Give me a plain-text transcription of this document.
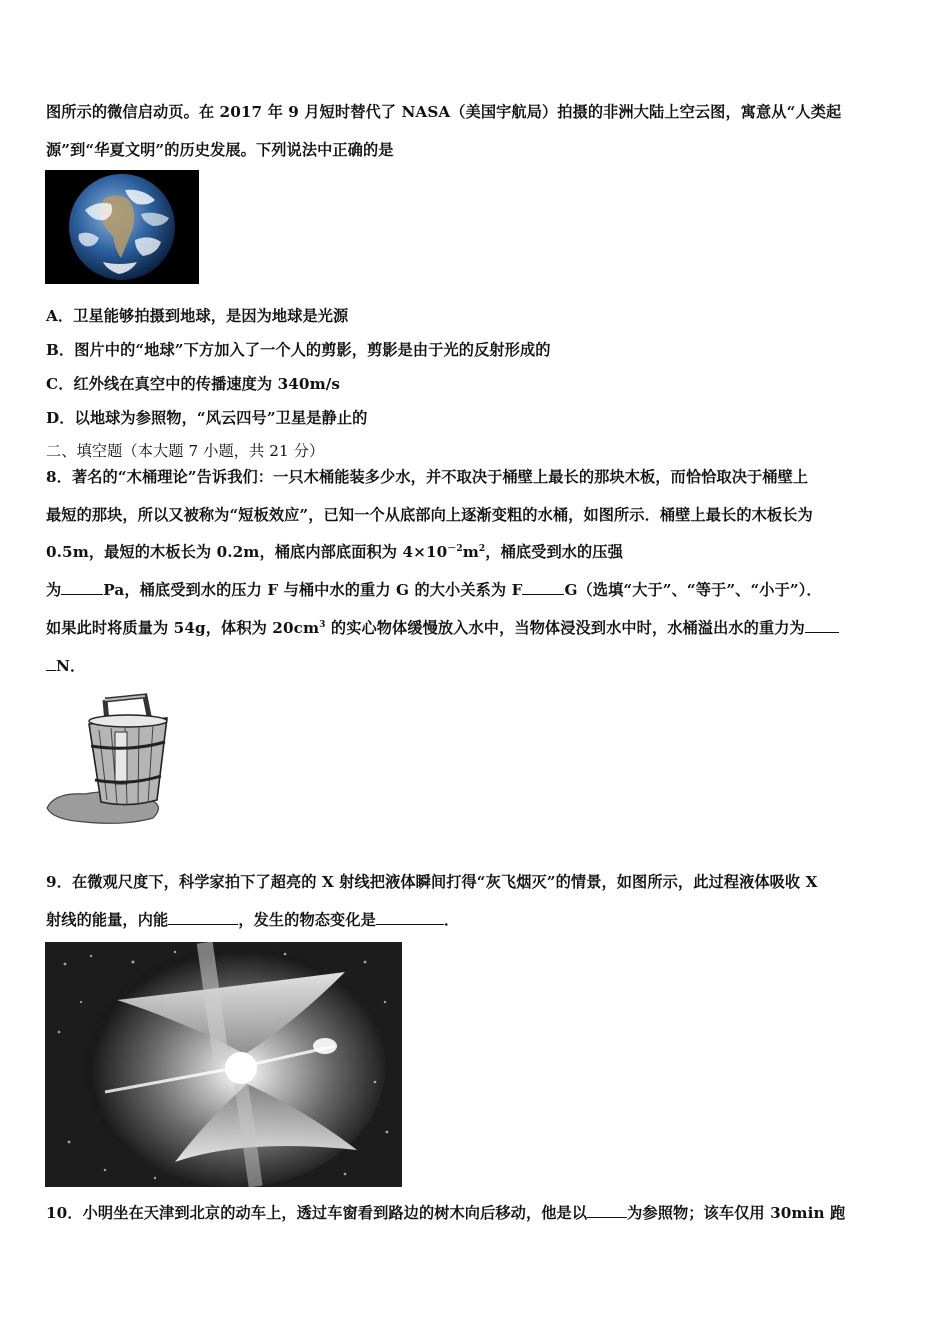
图所示的微信启动页。在 2017 年 9 月短时替代了 NASA（美国宇航局）拍摄的非洲大陆上空云图，寓意从“人类起
源”到“华夏文明”的历史发展。下列说法中正确的是
A．卫星能够拍摄到地球，是因为地球是光源
B．图片中的“地球”下方加入了一个人的剪影，剪影是由于光的反射形成的
C．红外线在真空中的传播速度为 340m/s
D．以地球为参照物，“风云四号”卫星是静止的
二、填空题（本大题 7 小题，共 21 分）
8．著名的“木桶理论”告诉我们：一只木桶能装多少水，并不取决于桶壁上最长的那块木板，而恰恰取决于桶壁上
最短的那块，所以又被称为“短板效应”，已知一个从底部向上逐渐变粗的水桶，如图所示．桶壁上最长的木板长为
0.5m，最短的木板长为 0.2m，桶底内部底面积为 $4\times 10^{-2}m^2$，桶底受到水的压强
为	Pa，桶底受到水的压力 F 与桶中水的重力 G 的大小关系为 F	G（选填“大于”、“等于”、“小于”）．
如果此时将质量为 54g，体积为 $20cm^3$ 的实心物体缓慢放入水中，当物体浸没到水中时，水桶溢出水的重力为
N．
9．在微观尺度下，科学家拍下了超亮的 X 射线把液体瞬间打得“灰飞烟灭”的情景，如图所示，此过程液体吸收 X
射线的能量，内能	，发生的物态变化是	．
10．小明坐在天津到北京的动车上，透过车窗看到路边的树木向后移动，他是以	为参照物；该车仅用 30min 跑
